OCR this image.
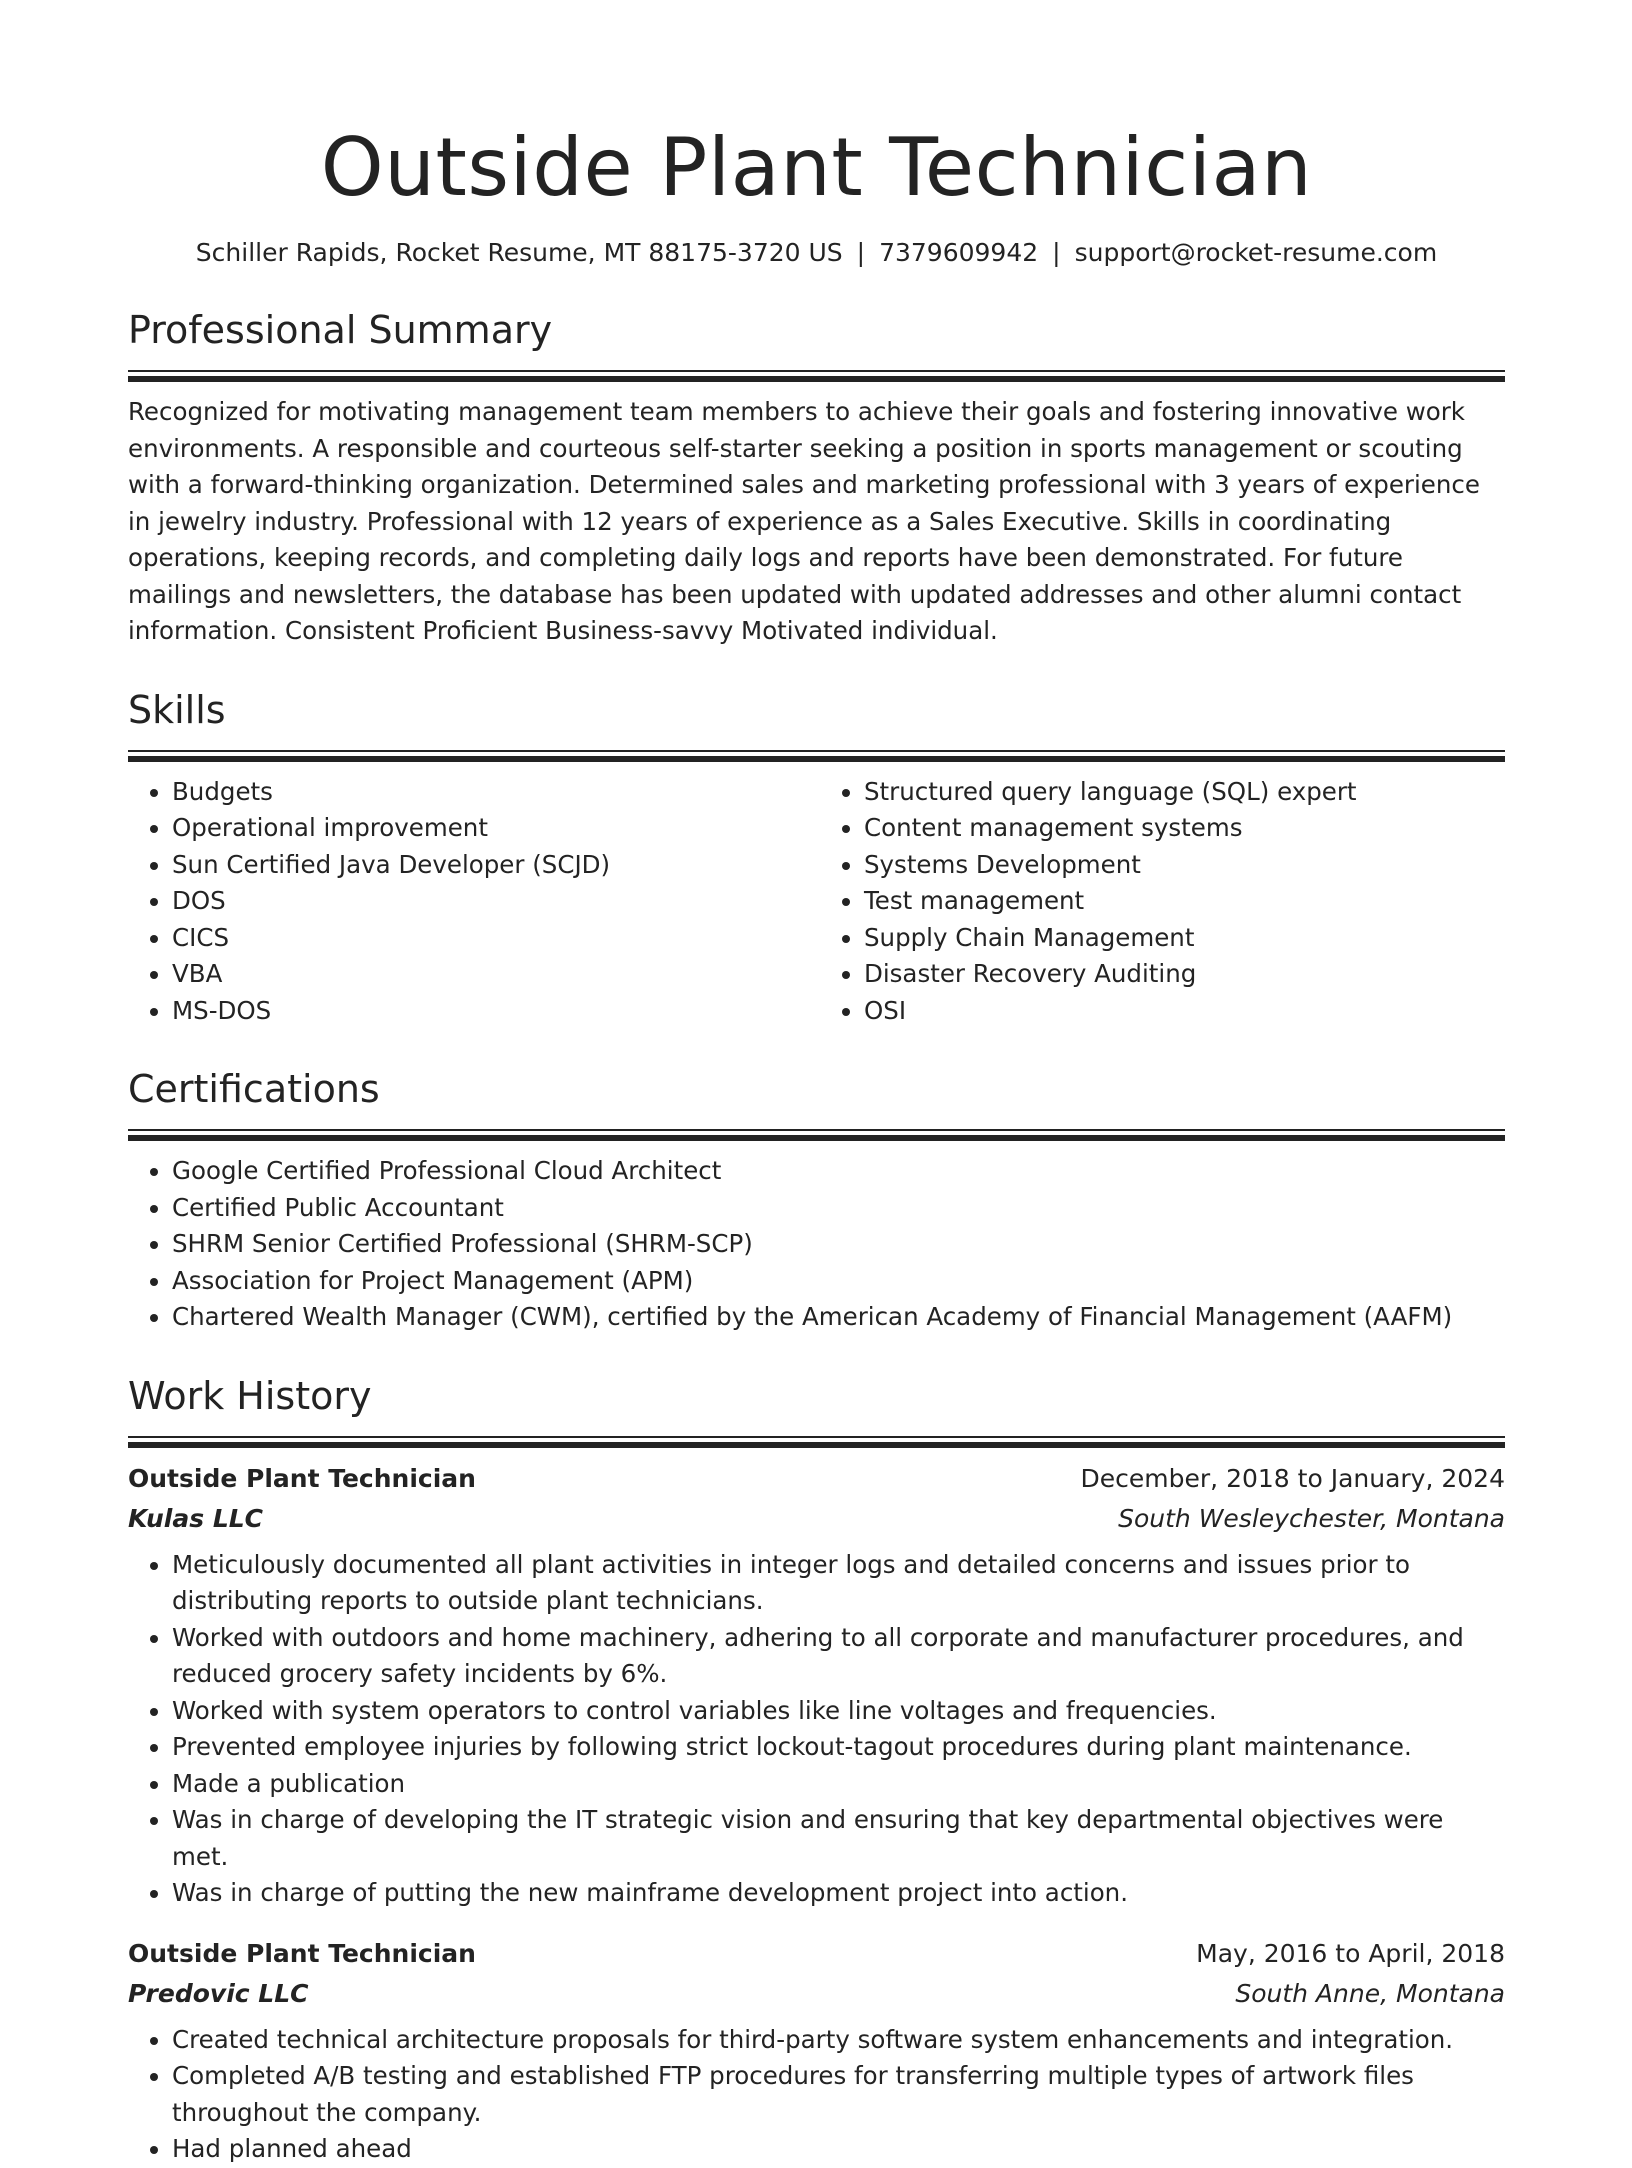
Outside Plant Technician
Schiller Rapids, Rocket Resume, MT 88175-3720 US | 7379609942 | support@rocket-resume.com
Professional Summary

Recognized for motivating management team members to achieve their goals and fostering innovative work environments. A responsible and courteous self-starter seeking a position in sports management or scouting with a forward-thinking organization. Determined sales and marketing professional with 3 years of experience in jewelry industry. Professional with 12 years of experience as a Sales Executive. Skills in coordinating operations, keeping records, and completing daily logs and reports have been demonstrated. For future mailings and newsletters, the database has been updated with updated addresses and other alumni contact information. Consistent Proficient Business-savvy Motivated individual.

Skills
• Budgets
• Operational improvement
• Sun Certified Java Developer (SCJD)
• DOS
• CICS
• VBA
• MS-DOS
• Structured query language (SQL) expert
• Content management systems
• Systems Development
• Test management
• Supply Chain Management
• Disaster Recovery Auditing
• OSI
Certifications
• Google Certified Professional Cloud Architect
• Certified Public Accountant
• SHRM Senior Certified Professional (SHRM-SCP)
• Association for Project Management (APM)
• Chartered Wealth Manager (CWM), certified by the American Academy of Financial Management (AAFM)
Work History
Outside Plant Technician	December, 2018 to January, 2024
Kulas LLC	South Wesleychester, Montana
• Meticulously documented all plant activities in integer logs and detailed concerns and issues prior to distributing reports to outside plant technicians.
• Worked with outdoors and home machinery, adhering to all corporate and manufacturer procedures, and reduced grocery safety incidents by 6%.
• Worked with system operators to control variables like line voltages and frequencies.
• Prevented employee injuries by following strict lockout-tagout procedures during plant maintenance.
• Made a publication
• Was in charge of developing the IT strategic vision and ensuring that key departmental objectives were met.
• Was in charge of putting the new mainframe development project into action.
Outside Plant Technician	May, 2016 to April, 2018
Predovic LLC	South Anne, Montana
• Created technical architecture proposals for third-party software system enhancements and integration.
• Completed A/B testing and established FTP procedures for transferring multiple types of artwork files throughout the company.
• Had planned ahead
